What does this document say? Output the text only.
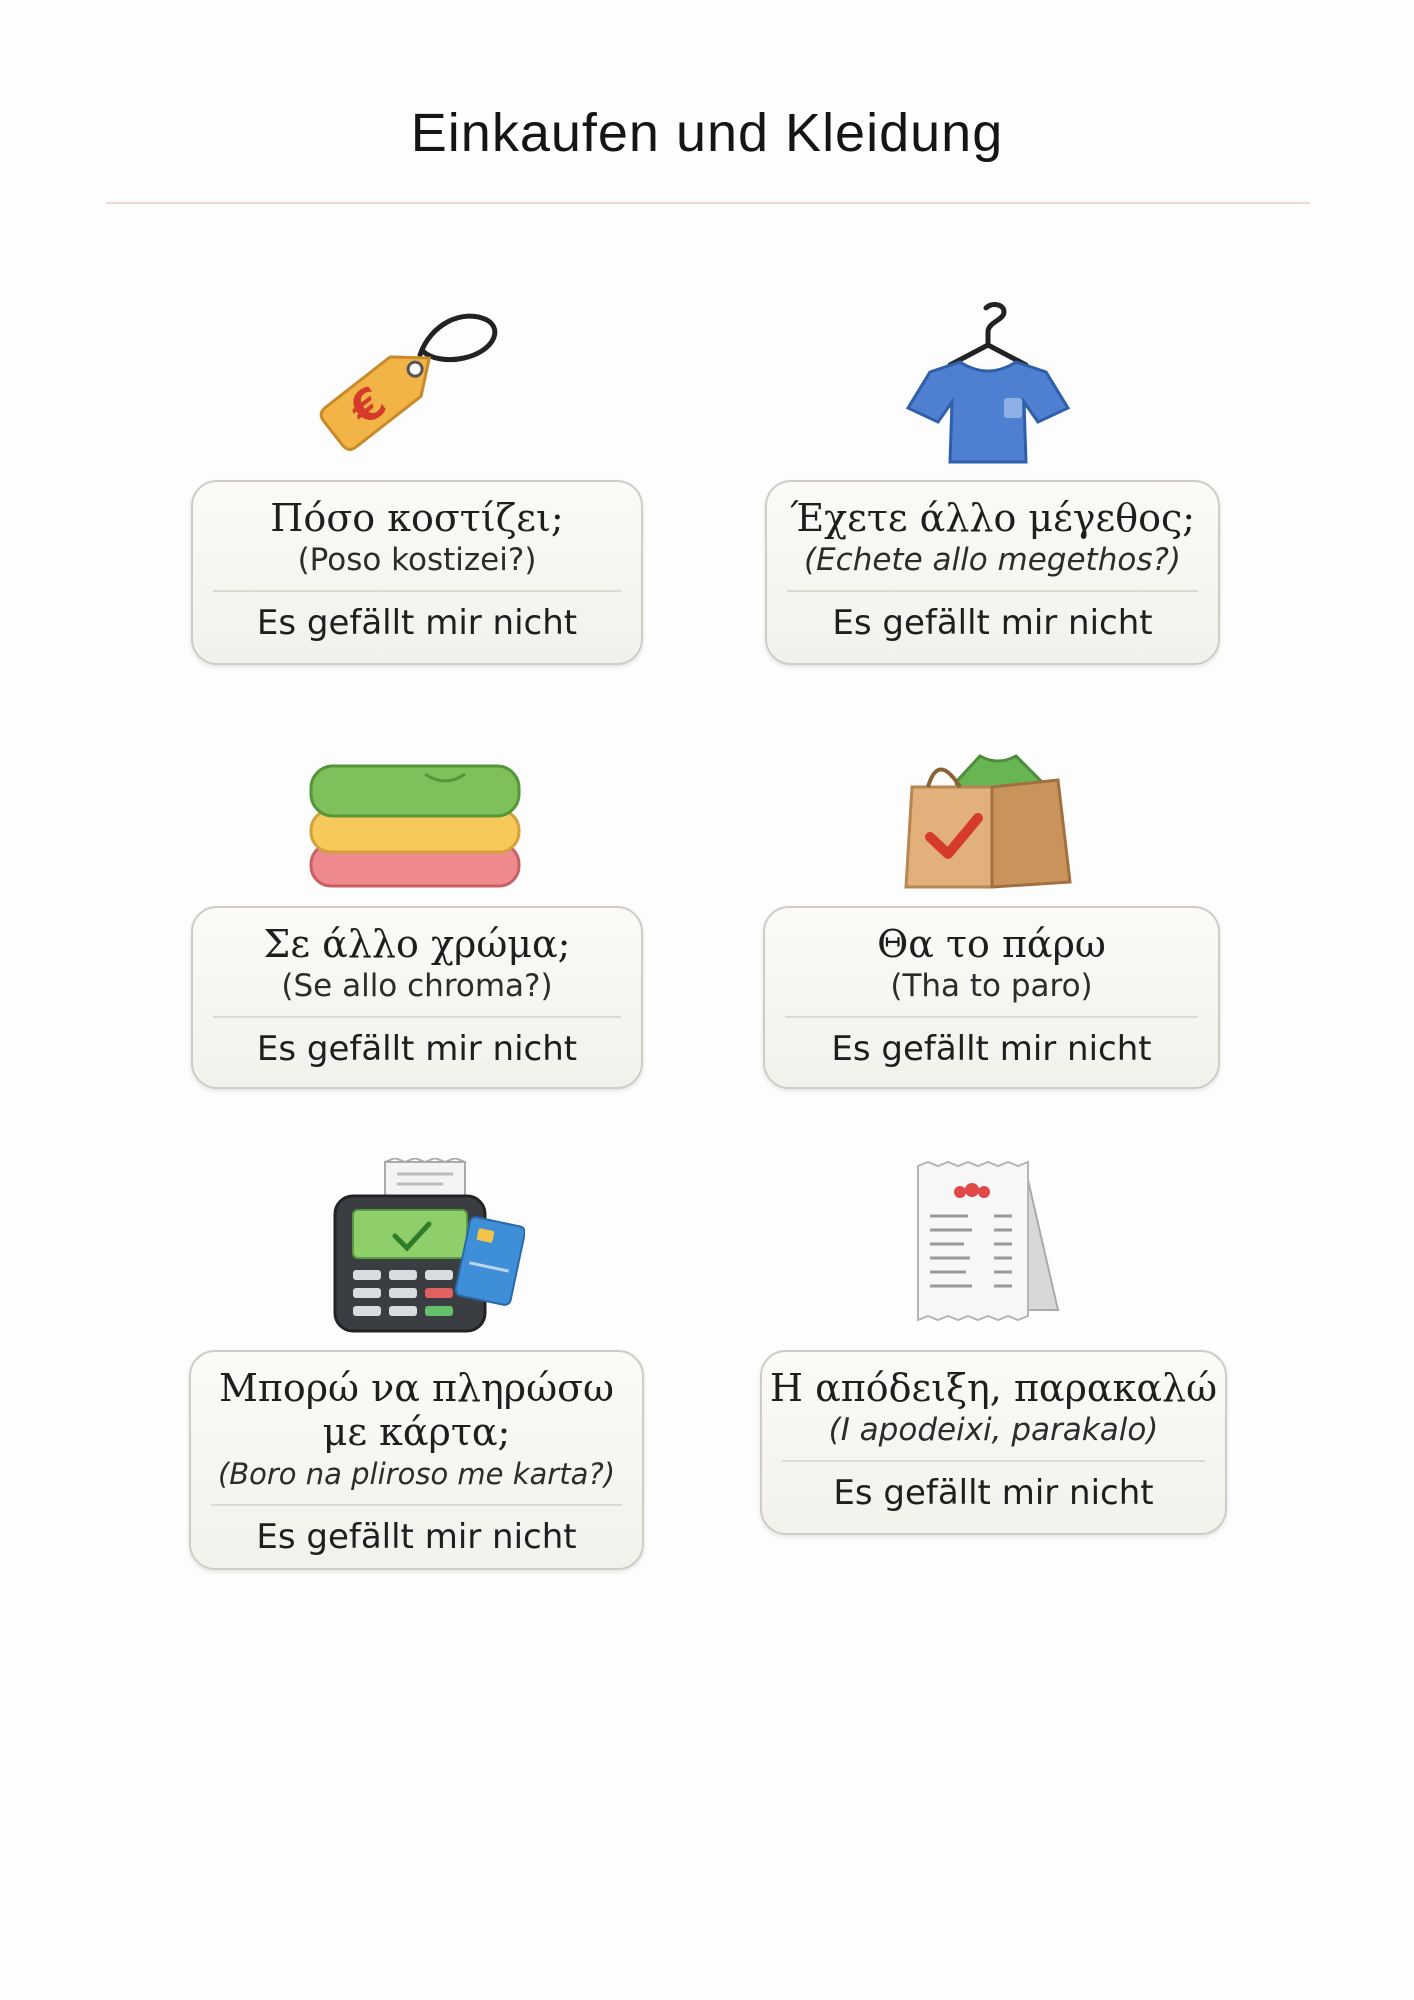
Einkaufen und Kleidung
€
Πόσο κοστίζει;
(Poso kostizei?)
Es gefällt mir nicht
Έχετε άλλο μέγεθος;
(Echete allo megethos?)
Es gefällt mir nicht
Σε άλλο χρώμα;
(Se allo chroma?)
Es gefällt mir nicht
Θα το πάρω
(Tha to paro)
Es gefällt mir nicht
Μπορώ να πληρώσω
με κάρτα;
(Boro na pliroso me karta?)
Es gefällt mir nicht
Η απόδειξη, παρακαλώ
(I apodeixi, parakalo)
Es gefällt mir nicht
